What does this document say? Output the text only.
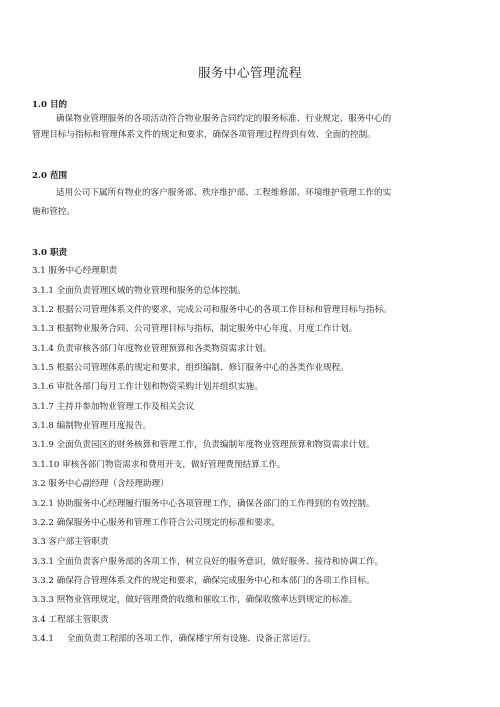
服务中心管理流程
1.0 目的
确保物业管理服务的各项活动符合物业服务合同约定的服务标准、行业规定、服务中心的
管理目标与指标和管理体系文件的规定和要求，确保各项管理过程得到有效、全面的控制。
2.0 范围
适用公司下属所有物业的客户服务部、秩序维护部、工程维修部、环境维护管理工作的实
施和管控。
3.0 职责
3.1 服务中心经理职责
3.1.1 全面负责管理区域的物业管理和服务的总体控制。
3.1.2 根据公司管理体系文件的要求，完成公司和服务中心的各项工作目标和管理目标与指标。
3.1.3 根据物业服务合同、公司管理目标与指标，制定服务中心年度、月度工作计划。
3.1.4 负责审核各部门年度物业管理预算和各类物资需求计划。
3.1.5 根据公司管理体系的规定和要求，组织编制、修订服务中心的各类作业规程。
3.1.6 审批各部门每月工作计划和物资采购计划并组织实施。
3.1.7 主持并参加物业管理工作及相关会议
3.1.8 编制物业管理月度报告。
3.1.9 全面负责园区的财务核算和管理工作，负责编制年度物业管理预算和物资需求计划。
3.1.10 审核各部门物资需求和费用开支，做好管理费预结算工作。
3.2 服务中心副经理（含经理助理）
3.2.1 协助服务中心经理履行服务中心各项管理工作，确保各部门的工作得到的有效控制。
3.2.2 确保服务中心服务和管理工作符合公司规定的标准和要求。
3.3 客户部主管职责
3.3.1 全面负责客户服务部的各项工作，树立良好的服务意识，做好服务、接待和协调工作。
3.3.2 确保符合管理体系文件的规定和要求，确保完成服务中心和本部门的各项工作目标。
3.3.3 照物业管理规定，做好管理费的收缴和催收工作，确保收缴率达到规定的标准。
3.4 工程部主管职责
3.4.1 全面负责工程部的各项工作，确保楼宇所有设施、设备正常运行。
